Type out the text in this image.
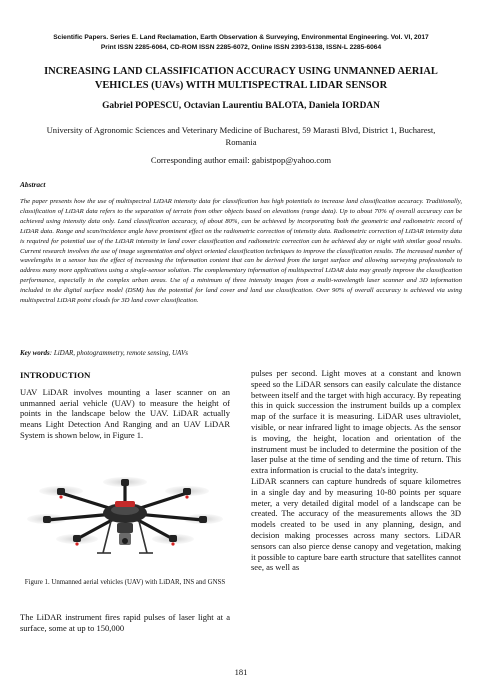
Scientific Papers. Series E. Land Reclamation, Earth Observation & Surveying, Environmental Engineering. Vol. VI, 2017
Print ISSN 2285-6064, CD-ROM ISSN 2285-6072, Online ISSN 2393-5138, ISSN-L 2285-6064
INCREASING LAND CLASSIFICATION ACCURACY USING UNMANNED AERIAL VEHICLES (UAVs) WITH MULTISPECTRAL LIDAR SENSOR
Gabriel POPESCU, Octavian Laurentiu BALOTA, Daniela IORDAN
University of Agronomic Sciences and Veterinary Medicine of Bucharest, 59 Marasti Blvd, District 1, Bucharest, Romania
Corresponding author email: gabistpop@yahoo.com
Abstract
The paper presents how the use of multispectral LiDAR intensity data for classification has high potentials to increase land classification accuracy. Traditionally, classification of LiDAR data refers to the separation of terrain from other objects based on elevations (range data). Up to about 70% of overall accuracy can be achieved using intensity data only. Land classification accuracy, of about 80%, can be achieved by incorporating both the geometric and radiometric record of LiDAR data. Range and scan/incidence angle have prominent effect on the radiometric correction of intensity data. Radiometric correction of LiDAR intensity data is required for potential use of the LiDAR intensity in land cover classification and radiometric correction can be achieved day or night with similar good results. Current research involves the use of image segmentation and object oriented classification techniques to improve the classification results. The increased number of wavelengths in a sensor has the effect of increasing the information content that can be derived from the target surface and allowing surveying professionals to address many more applications using a single-sensor solution. The complementary information of multispectral LiDAR data may greatly improve the classification performance, especially in the complex urban areas. Use of a minimum of three intensity images from a multi-wavelength laser scanner and 3D information included in the digital surface model (DSM) has the potential for land cover and land use classification. Over 90% of overall accuracy is achieved via using multispectral LiDAR point clouds for 3D land cover classification.
Key words: LiDAR, photogrammetry, remote sensing, UAVs
INTRODUCTION

UAV LiDAR involves mounting a laser scanner on an unmanned aerial vehicle (UAV) to measure the height of points in the landscape below the UAV. LiDAR actually means Light Detection And Ranging and an UAV LiDAR System is shown below, in Figure 1.

Figure 1. Unmanned aerial vehicles (UAV) with LiDAR, INS and GNSS
The LiDAR instrument fires rapid pulses of laser light at a surface, some at up to 150,000

pulses per second. Light moves at a constant and known speed so the LiDAR sensors can easily calculate the distance between itself and the target with high accuracy. By repeating this in quick succession the instrument builds up a complex map of the surface it is measuring. LiDAR uses ultraviolet, visible, or near infrared light to image objects. As the sensor is moving, the height, location and orientation of the instrument must be included to determine the position of the laser pulse at the time of sending and the time of return. This extra information is crucial to the data's integrity.

LiDAR scanners can capture hundreds of square kilometres in a single day and by measuring 10-80 points per square meter, a very detailed digital model of a landscape can be created. The accuracy of the measurements allows the 3D models created to be used in any planning, design, and decision making processes across many sectors. LiDAR sensors can also pierce dense canopy and vegetation, making it possible to capture bare earth structure that satellites cannot see, as well as

181
